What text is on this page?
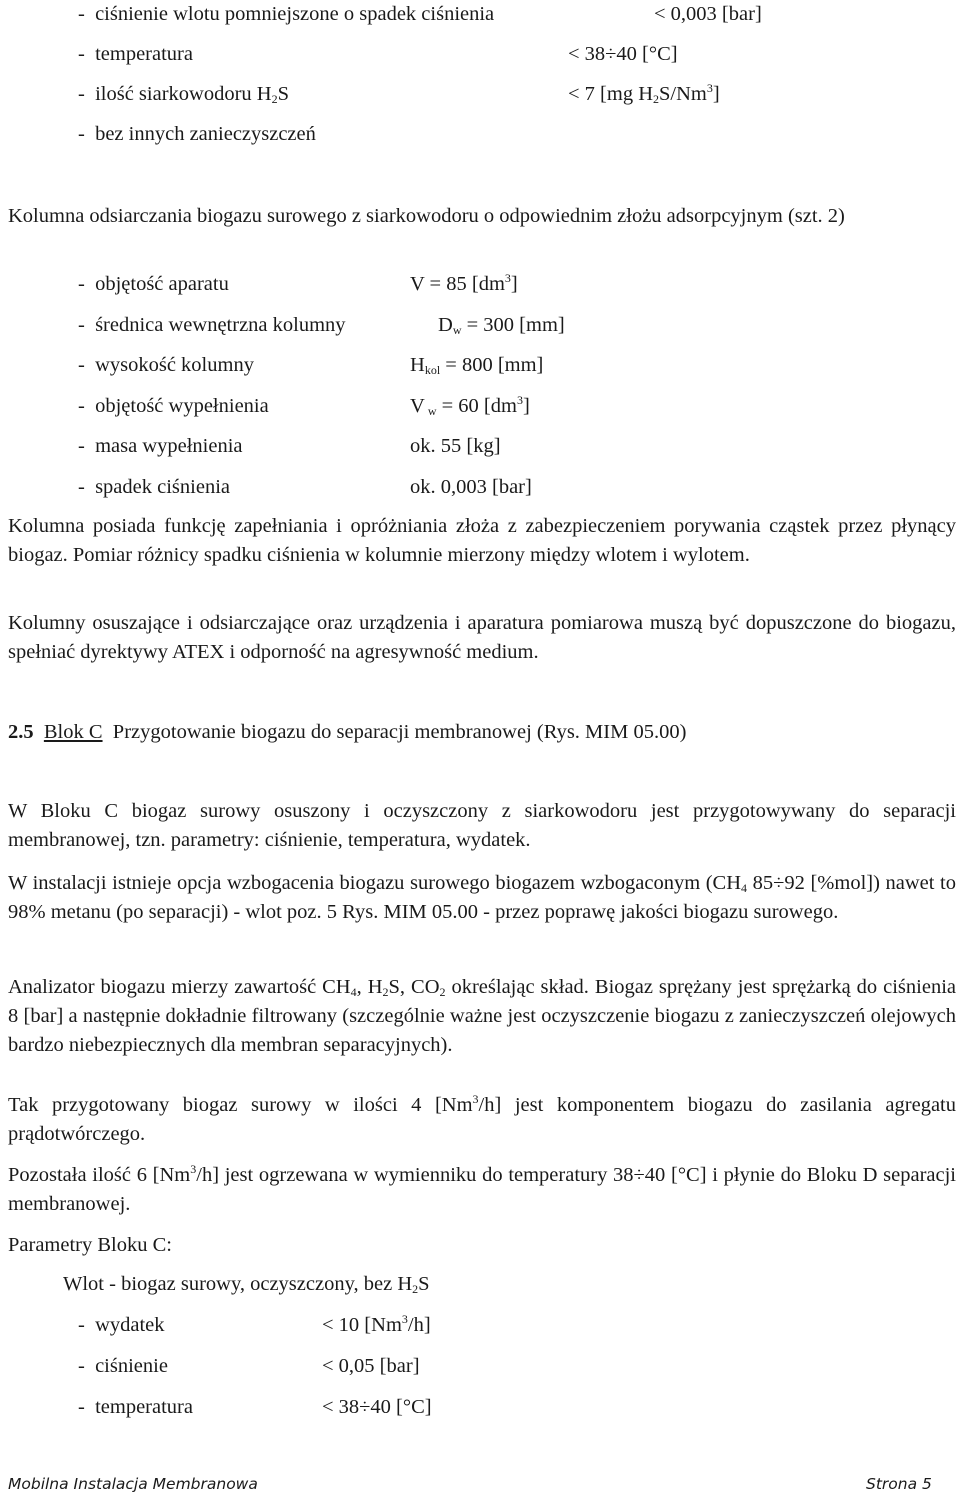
- ciśnienie wlotu pomniejszone o spadek ciśnienia	< 0,003 [bar]
- temperatura	< 38÷40 [°C]
- ilość siarkowodoru $H_2S$	< 7 [mg $H_2S/Nm^3$]
- bez innych zanieczyszczeń
Kolumna odsiarczania biogazu surowego z siarkowodoru o odpowiednim złożu adsorpcyjnym (szt. 2)
- objętość aparatu	V = 85 $[dm^3]$
- średnica wewnętrzna kolumny	$D_w = 300$ [mm]
- wysokość kolumny	$H_{kol} = 800$ [mm]
- objętość wypełnienia	V $_w$ = 60 $[dm^3]$
- masa wypełnienia	ok. 55 [kg]
- spadek ciśnienia	ok. 0,003 [bar]
Kolumna posiada funkcję zapełniania i opróżniania złoża z zabezpieczeniem porywania cząstek przez płynący biogaz. Pomiar różnicy spadku ciśnienia w kolumnie mierzony między wlotem i wylotem.
Kolumny osuszające i odsiarczające oraz urządzenia i aparatura pomiarowa muszą być dopuszczone do biogazu, spełniać dyrektywy ATEX i odporność na agresywność medium.
2.5 Blok C Przygotowanie biogazu do separacji membranowej (Rys. MIM 05.00)
W Bloku C biogaz surowy osuszony i oczyszczony z siarkowodoru jest przygotowywany do separacji membranowej, tzn. parametry: ciśnienie, temperatura, wydatek.
W instalacji istnieje opcja wzbogacenia biogazu surowego biogazem wzbogaconym ($CH_4$ 85÷92 [%mol]) nawet to 98% metanu (po separacji) - wlot poz. 5 Rys. MIM 05.00 - przez poprawę jakości biogazu surowego.
Analizator biogazu mierzy zawartość $CH_4$, $H_2S$, $CO_2$ określając skład. Biogaz sprężany jest sprężarką do ciśnienia 8 [bar] a następnie dokładnie filtrowany (szczególnie ważne jest oczyszczenie biogazu z zanieczyszczeń olejowych bardzo niebezpiecznych dla membran separacyjnych).
Tak przygotowany biogaz surowy w ilości 4 [Nm$^3$/h] jest komponentem biogazu do zasilania agregatu prądotwórczego.
Pozostała ilość 6 [Nm$^3$/h] jest ogrzewana w wymienniku do temperatury 38÷40 [°C] i płynie do Bloku D separacji membranowej.
Parametry Bloku C:
Wlot - biogaz surowy, oczyszczony, bez $H_2S$
- wydatek	< 10 [Nm$^3$/h]
- ciśnienie	< 0,05 [bar]
- temperatura	< 38÷40 [°C]
Mobilna Instalacja Membranowa	Strona 5
